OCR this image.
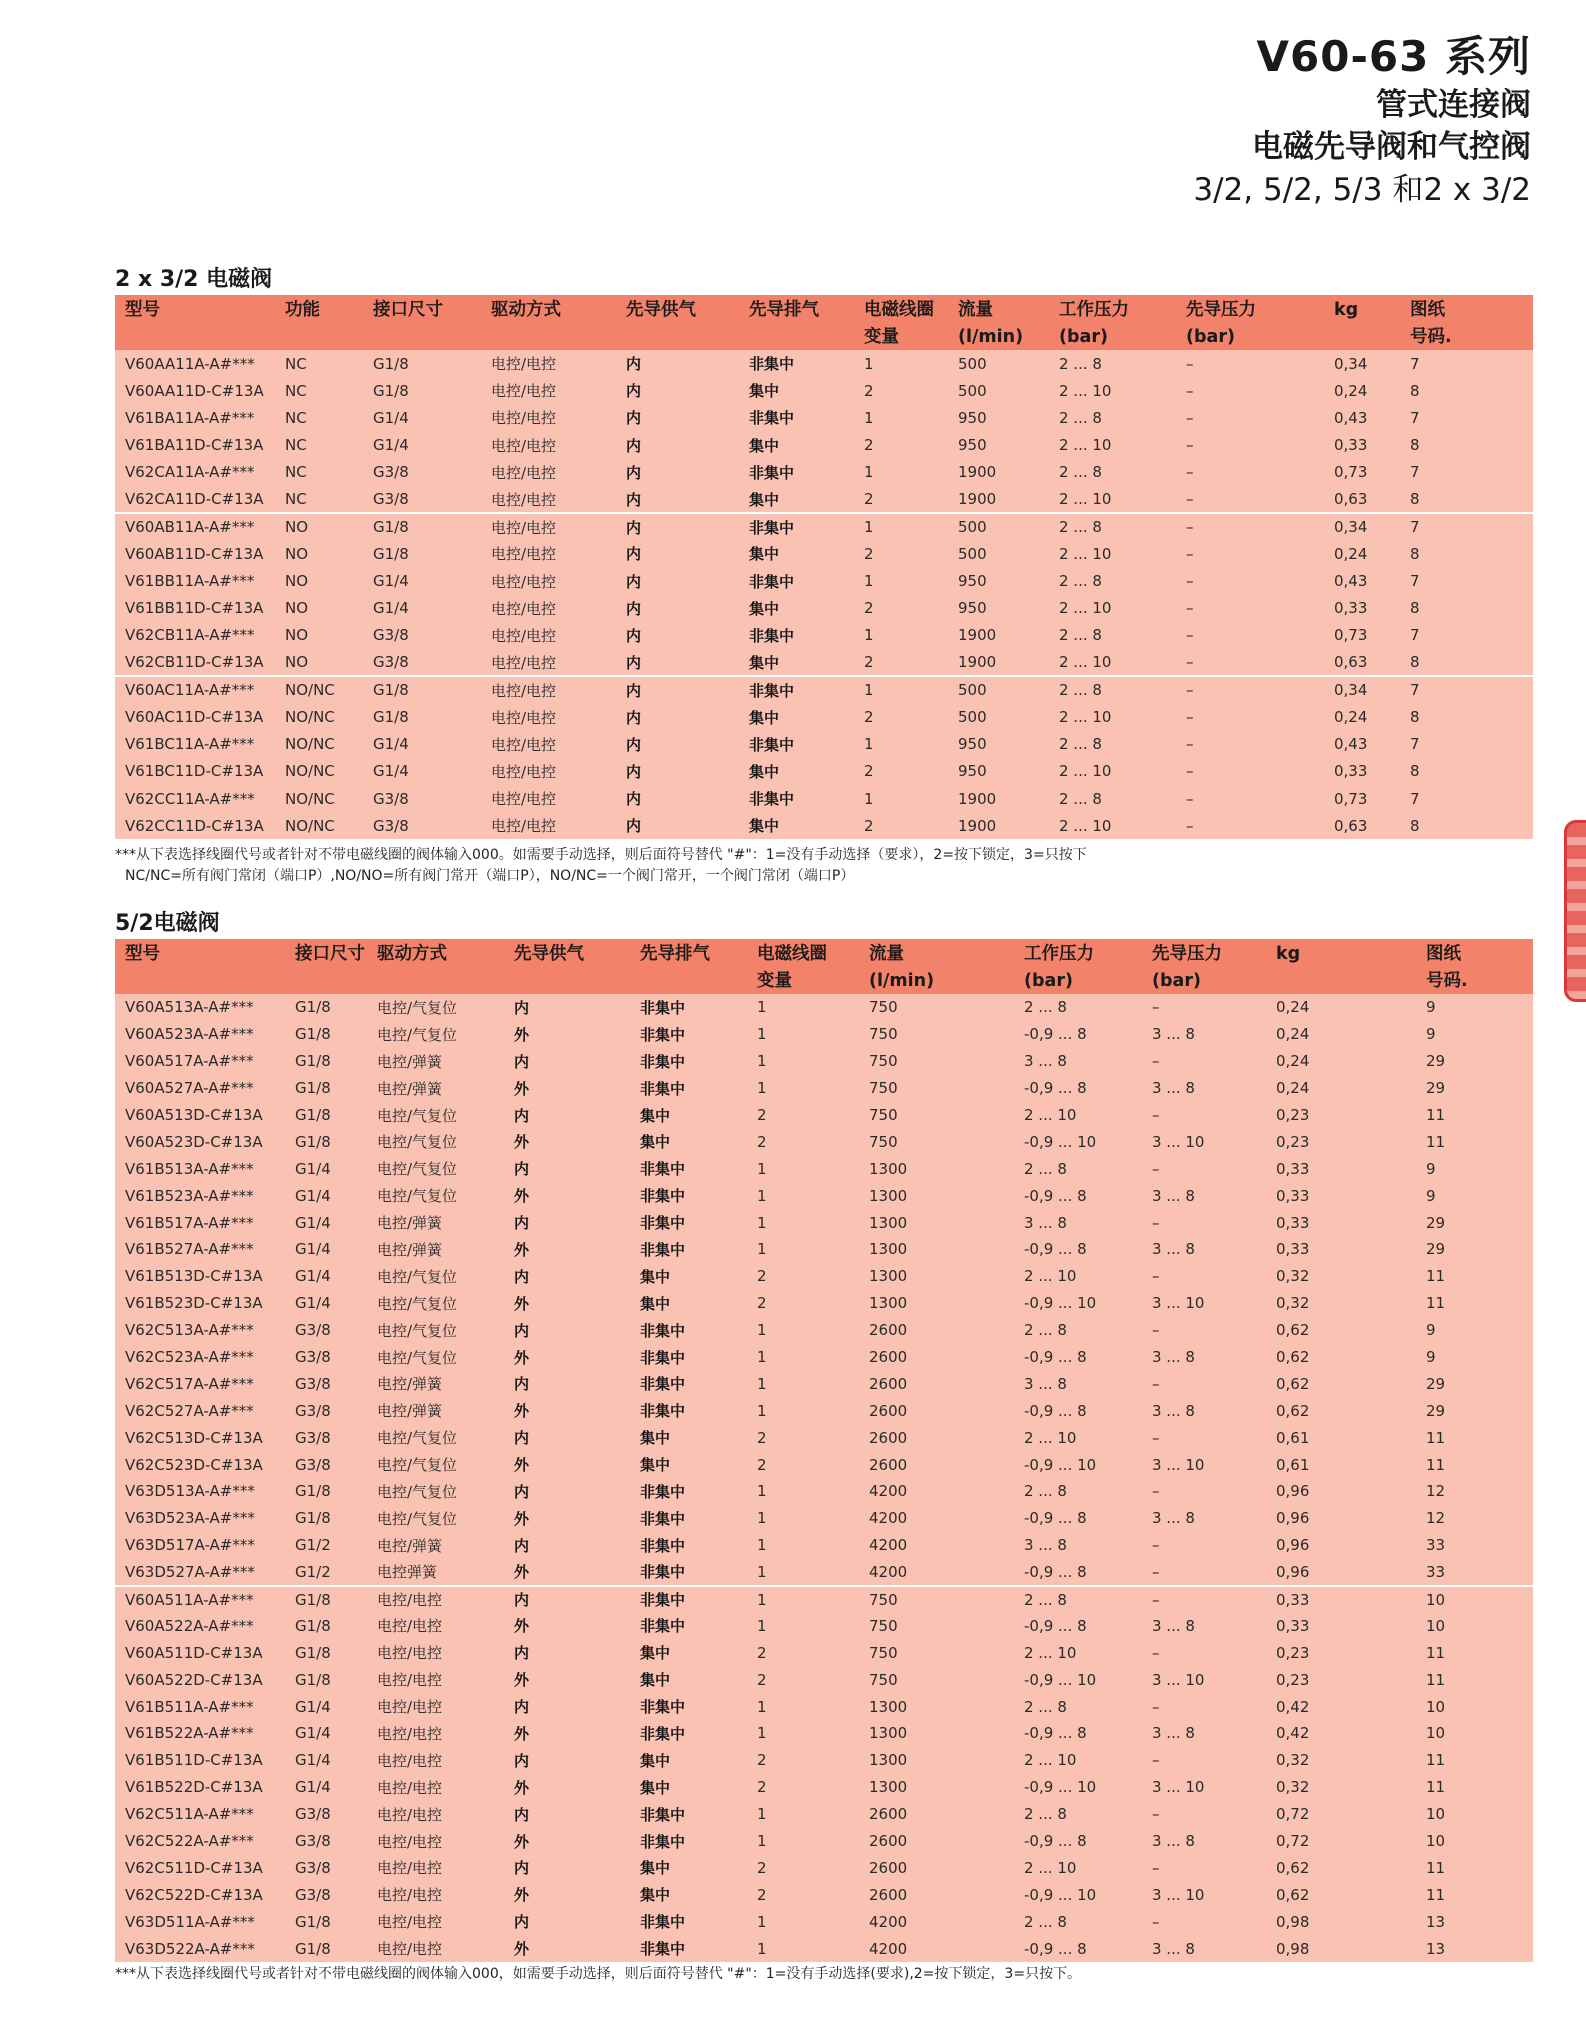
V60-63 系列
管式连接阀
电磁先导阀和气控阀
3/2, 5/2, 5/3 和2 x 3/2
2 x 3/2 电磁阀
型号	功能	接口尺寸	驱动方式	先导供气	先导排气	电磁线圈	流量	工作压力	先导压力	kg	图纸
						变量	(l/min)	(bar)	(bar)		号码.
V60AA11A-A#***	NC	G1/8	电控/电控	内	非集中	1	500	2 ... 8	–	0,34	7
V60AA11D-C#13A	NC	G1/8	电控/电控	内	集中	2	500	2 ... 10	–	0,24	8
V61BA11A-A#***	NC	G1/4	电控/电控	内	非集中	1	950	2 ... 8	–	0,43	7
V61BA11D-C#13A	NC	G1/4	电控/电控	内	集中	2	950	2 ... 10	–	0,33	8
V62CA11A-A#***	NC	G3/8	电控/电控	内	非集中	1	1900	2 ... 8	–	0,73	7
V62CA11D-C#13A	NC	G3/8	电控/电控	内	集中	2	1900	2 ... 10	–	0,63	8
V60AB11A-A#***	NO	G1/8	电控/电控	内	非集中	1	500	2 ... 8	–	0,34	7
V60AB11D-C#13A	NO	G1/8	电控/电控	内	集中	2	500	2 ... 10	–	0,24	8
V61BB11A-A#***	NO	G1/4	电控/电控	内	非集中	1	950	2 ... 8	–	0,43	7
V61BB11D-C#13A	NO	G1/4	电控/电控	内	集中	2	950	2 ... 10	–	0,33	8
V62CB11A-A#***	NO	G3/8	电控/电控	内	非集中	1	1900	2 ... 8	–	0,73	7
V62CB11D-C#13A	NO	G3/8	电控/电控	内	集中	2	1900	2 ... 10	–	0,63	8
V60AC11A-A#***	NO/NC	G1/8	电控/电控	内	非集中	1	500	2 ... 8	–	0,34	7
V60AC11D-C#13A	NO/NC	G1/8	电控/电控	内	集中	2	500	2 ... 10	–	0,24	8
V61BC11A-A#***	NO/NC	G1/4	电控/电控	内	非集中	1	950	2 ... 8	–	0,43	7
V61BC11D-C#13A	NO/NC	G1/4	电控/电控	内	集中	2	950	2 ... 10	–	0,33	8
V62CC11A-A#***	NO/NC	G3/8	电控/电控	内	非集中	1	1900	2 ... 8	–	0,73	7
V62CC11D-C#13A	NO/NC	G3/8	电控/电控	内	集中	2	1900	2 ... 10	–	0,63	8
***从下表选择线圈代号或者针对不带电磁线圈的阀体输入000。如需要手动选择，则后面符号替代 "#"：1=没有手动选择（要求），2=按下锁定，3=只按下
NC/NC=所有阀门常闭（端口P）,NO/NO=所有阀门常开（端口P），NO/NC=一个阀门常开，一个阀门常闭（端口P）
5/2电磁阀
型号	接口尺寸	驱动方式	先导供气	先导排气	电磁线圈	流量	工作压力	先导压力	kg	图纸
					变量	(l/min)	(bar)	(bar)		号码.
V60A513A-A#***	G1/8	电控/气复位	内	非集中	1	750	2 ... 8	–	0,24	9
V60A523A-A#***	G1/8	电控/气复位	外	非集中	1	750	-0,9 ... 8	3 ... 8	0,24	9
V60A517A-A#***	G1/8	电控/弹簧	内	非集中	1	750	3 ... 8	–	0,24	29
V60A527A-A#***	G1/8	电控/弹簧	外	非集中	1	750	-0,9 ... 8	3 ... 8	0,24	29
V60A513D-C#13A	G1/8	电控/气复位	内	集中	2	750	2 ... 10	–	0,23	11
V60A523D-C#13A	G1/8	电控/气复位	外	集中	2	750	-0,9 ... 10	3 ... 10	0,23	11
V61B513A-A#***	G1/4	电控/气复位	内	非集中	1	1300	2 ... 8	–	0,33	9
V61B523A-A#***	G1/4	电控/气复位	外	非集中	1	1300	-0,9 ... 8	3 ... 8	0,33	9
V61B517A-A#***	G1/4	电控/弹簧	内	非集中	1	1300	3 ... 8	–	0,33	29
V61B527A-A#***	G1/4	电控/弹簧	外	非集中	1	1300	-0,9 ... 8	3 ... 8	0,33	29
V61B513D-C#13A	G1/4	电控/气复位	内	集中	2	1300	2 ... 10	–	0,32	11
V61B523D-C#13A	G1/4	电控/气复位	外	集中	2	1300	-0,9 ... 10	3 ... 10	0,32	11
V62C513A-A#***	G3/8	电控/气复位	内	非集中	1	2600	2 ... 8	–	0,62	9
V62C523A-A#***	G3/8	电控/气复位	外	非集中	1	2600	-0,9 ... 8	3 ... 8	0,62	9
V62C517A-A#***	G3/8	电控/弹簧	内	非集中	1	2600	3 ... 8	–	0,62	29
V62C527A-A#***	G3/8	电控/弹簧	外	非集中	1	2600	-0,9 ... 8	3 ... 8	0,62	29
V62C513D-C#13A	G3/8	电控/气复位	内	集中	2	2600	2 ... 10	–	0,61	11
V62C523D-C#13A	G3/8	电控/气复位	外	集中	2	2600	-0,9 ... 10	3 ... 10	0,61	11
V63D513A-A#***	G1/8	电控/气复位	内	非集中	1	4200	2 ... 8	–	0,96	12
V63D523A-A#***	G1/8	电控/气复位	外	非集中	1	4200	-0,9 ... 8	3 ... 8	0,96	12
V63D517A-A#***	G1/2	电控/弹簧	内	非集中	1	4200	3 ... 8	–	0,96	33
V63D527A-A#***	G1/2	电控弹簧	外	非集中	1	4200	-0,9 ... 8	–	0,96	33
V60A511A-A#***	G1/8	电控/电控	内	非集中	1	750	2 ... 8	–	0,33	10
V60A522A-A#***	G1/8	电控/电控	外	非集中	1	750	-0,9 ... 8	3 ... 8	0,33	10
V60A511D-C#13A	G1/8	电控/电控	内	集中	2	750	2 ... 10	–	0,23	11
V60A522D-C#13A	G1/8	电控/电控	外	集中	2	750	-0,9 ... 10	3 ... 10	0,23	11
V61B511A-A#***	G1/4	电控/电控	内	非集中	1	1300	2 ... 8	–	0,42	10
V61B522A-A#***	G1/4	电控/电控	外	非集中	1	1300	-0,9 ... 8	3 ... 8	0,42	10
V61B511D-C#13A	G1/4	电控/电控	内	集中	2	1300	2 ... 10	–	0,32	11
V61B522D-C#13A	G1/4	电控/电控	外	集中	2	1300	-0,9 ... 10	3 ... 10	0,32	11
V62C511A-A#***	G3/8	电控/电控	内	非集中	1	2600	2 ... 8	–	0,72	10
V62C522A-A#***	G3/8	电控/电控	外	非集中	1	2600	-0,9 ... 8	3 ... 8	0,72	10
V62C511D-C#13A	G3/8	电控/电控	内	集中	2	2600	2 ... 10	–	0,62	11
V62C522D-C#13A	G3/8	电控/电控	外	集中	2	2600	-0,9 ... 10	3 ... 10	0,62	11
V63D511A-A#***	G1/8	电控/电控	内	非集中	1	4200	2 ... 8	–	0,98	13
V63D522A-A#***	G1/8	电控/电控	外	非集中	1	4200	-0,9 ... 8	3 ... 8	0,98	13
***从下表选择线圈代号或者针对不带电磁线圈的阀体输入000，如需要手动选择，则后面符号替代 "#"：1=没有手动选择(要求),2=按下锁定，3=只按下。
